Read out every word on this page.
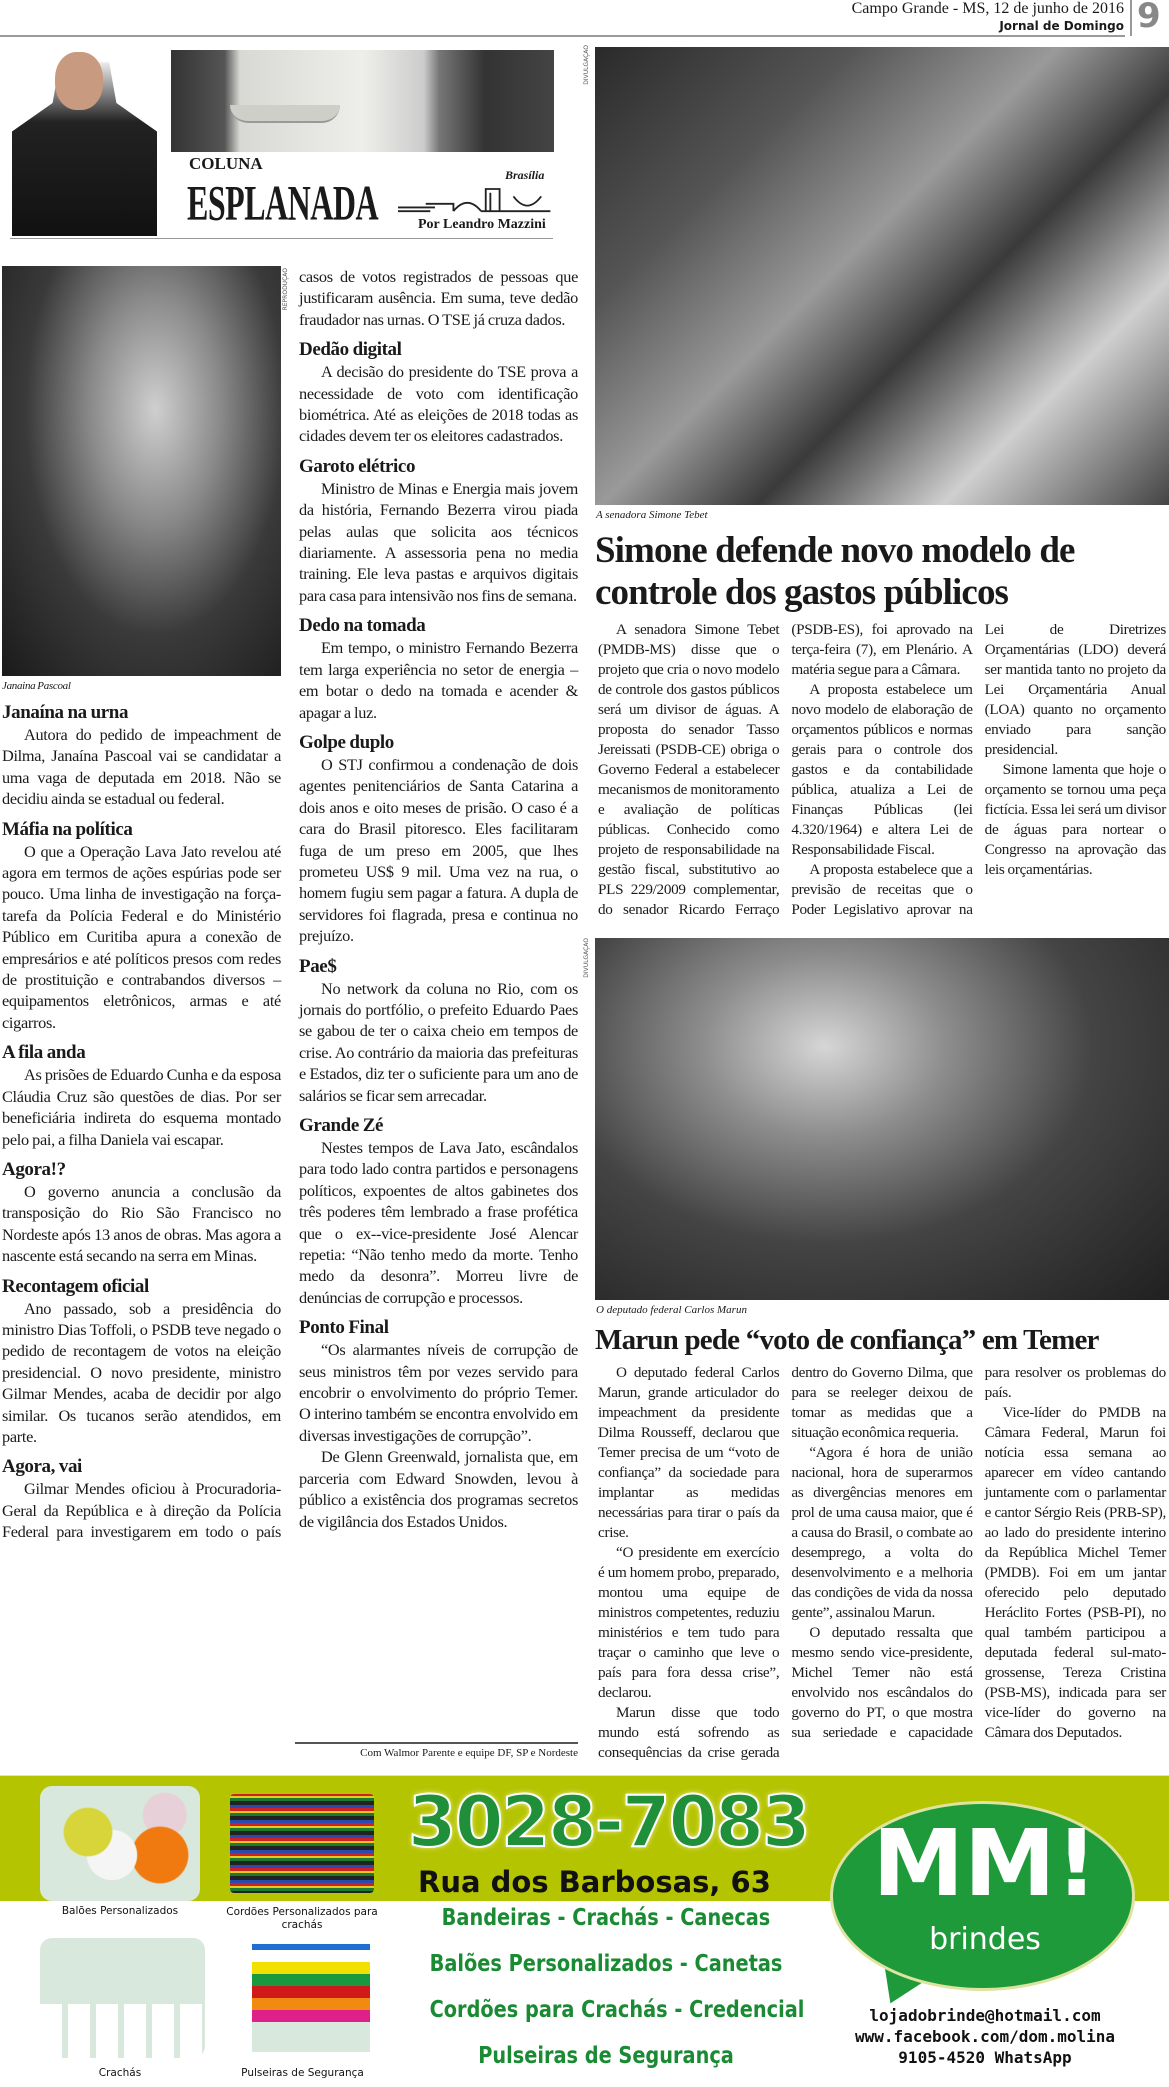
Campo Grande - MS, 12 de junho de 2016
Jornal de Domingo 9
COLUNA
ESPLANADA	Brasília
Por Leandro Mazzini
DIVULGAÇÃO
REPRODUÇÃO
Janaina Pascoal
Janaína na urna

Autora do pedido de impeachment de Dilma, Janaína Pascoal vai se candidatar a uma vaga de deputada em 2018. Não se decidiu ainda se estadual ou federal.

Máfia na política

O que a Operação Lava Jato revelou até agora em termos de ações espúrias pode ser pouco. Uma linha de investigação na força-tarefa da Polícia Federal e do Ministério Público em Curitiba apura a conexão de empresários e até políticos presos com redes de prostituição e contrabandos diversos – equipamentos eletrônicos, armas e até cigarros.

A fila anda

As prisões de Eduardo Cunha e da esposa Cláudia Cruz são questões de dias. Por ser beneficiária indireta do esquema montado pelo pai, a filha Daniela vai escapar.

Agora!?

O governo anuncia a conclusão da transposição do Rio São Francisco no Nordeste após 13 anos de obras. Mas agora a nascente está secando na serra em Minas.

Recontagem oficial

Ano passado, sob a presidência do ministro Dias Toffoli, o PSDB teve negado o pedido de recontagem de votos na eleição presidencial. O novo presidente, ministro Gilmar Mendes, acaba de decidir por algo similar. Os tucanos serão atendidos, em parte.

Agora, vai

Gilmar Mendes oficiou à Procuradoria-Geral da República e à direção da Polícia Federal para investigarem em todo o país casos de votos registrados de pessoas que justificaram ausência. Em suma, teve dedão fraudador nas urnas. O TSE já cruza dados.

Dedão digital

A decisão do presidente do TSE prova a necessidade de voto com identificação biométrica. Até as eleições de 2018 todas as cidades devem ter os eleitores cadastrados.

Garoto elétrico

Ministro de Minas e Energia mais jovem da história, Fernando Bezerra virou piada pelas aulas que solicita aos técnicos diariamente. A assessoria pena no media training. Ele leva pastas e arquivos digitais para casa para intensivão nos fins de semana.

Dedo na tomada

Em tempo, o ministro Fernando Bezerra tem larga experiência no setor de energia – em botar o dedo na tomada e acender & apagar a luz.

Golpe duplo

O STJ confirmou a condenação de dois agentes penitenciários de Santa Catarina a dois anos e oito meses de prisão. O caso é a cara do Brasil pitoresco. Eles facilitaram fuga de um preso em 2005, que lhes prometeu US$ 9 mil. Uma vez na rua, o homem fugiu sem pagar a fatura. A dupla de servidores foi flagrada, presa e continua no prejuízo.

Pae$

No network da coluna no Rio, com os jornais do portfólio, o prefeito Eduardo Paes se gabou de ter o caixa cheio em tempos de crise. Ao contrário da maioria das prefeituras e Estados, diz ter o suficiente para um ano de salários se ficar sem arrecadar.

Grande Zé

Nestes tempos de Lava Jato, escândalos para todo lado contra partidos e personagens políticos, expoentes de altos gabinetes dos três poderes têm lembrado a frase profética que o ex--vice-presidente José Alencar repetia: “Não tenho medo da morte. Tenho medo da desonra”. Morreu livre de denúncias de corrupção e processos.

Ponto Final

“Os alarmantes níveis de corrupção de seus ministros têm por vezes servido para encobrir o envolvimento do próprio Temer. O interino também se encontra envolvido em diversas investigações de corrupção”.

De Glenn Greenwald, jornalista que, em parceria com Edward Snowden, levou à público a existência dos programas secretos de vigilância dos Estados Unidos.

Com Walmor Parente e equipe DF, SP e Nordeste
A senadora Simone Tebet
Simone defende novo modelo de controle dos gastos públicos

A senadora Simone Tebet (PMDB-MS) disse que o projeto que cria o novo modelo de controle dos gastos públicos será um divisor de águas. A proposta do senador Tasso Jereissati (PSDB-CE) obriga o Governo Federal a estabelecer mecanismos de monitoramento e avaliação de políticas públicas. Conhecido como projeto de responsabilidade na gestão fiscal, substitutivo ao PLS 229/2009 complementar, do senador Ricardo Ferraço (PSDB-ES), foi aprovado na terça-feira (7), em Plenário. A matéria segue para a Câmara.

A proposta estabelece um novo modelo de elaboração de orçamentos públicos e normas gerais para o controle dos gastos e da contabilidade pública, atualiza a Lei de Finanças Públicas (lei 4.320/1964) e altera Lei de Responsabilidade Fiscal.

A proposta estabelece que a previsão de receitas que o Poder Legislativo aprovar na Lei de Diretrizes Orçamentárias (LDO) deverá ser mantida tanto no projeto da Lei Orçamentária Anual (LOA) quanto no orçamento enviado para sanção presidencial.

Simone lamenta que hoje o orçamento se tornou uma peça fictícia. Essa lei será um divisor de águas para nortear o Congresso na aprovação das leis orçamentárias.

DIVULGAÇÃO
O deputado federal Carlos Marun
Marun pede “voto de confiança” em Temer

O deputado federal Carlos Marun, grande articulador do impeachment da presidente Dilma Rousseff, declarou que Temer precisa de um “voto de confiança” da sociedade para implantar as medidas necessárias para tirar o país da crise.

“O presidente em exercício é um homem probo, preparado, montou uma equipe de ministros competentes, reduziu ministérios e tem tudo para traçar o caminho que leve o país para fora dessa crise”, declarou.

Marun disse que todo mundo está sofrendo as consequências da crise gerada dentro do Governo Dilma, que para se reeleger deixou de tomar as medidas que a situação econômica requeria.

“Agora é hora de união nacional, hora de superarmos as divergências menores em prol de uma causa maior, que é a causa do Brasil, o combate ao desemprego, a volta do desenvolvimento e a melhoria das condições de vida da nossa gente”, assinalou Marun.

O deputado ressalta que mesmo sendo vice-presidente, Michel Temer não está envolvido nos escândalos do governo do PT, o que mostra sua seriedade e capacidade para resolver os problemas do país.

Vice-líder do PMDB na Câmara Federal, Marun foi notícia essa semana ao aparecer em vídeo cantando juntamente com o parlamentar e cantor Sérgio Reis (PRB-SP), ao lado do presidente interino da República Michel Temer (PMDB). Foi em um jantar oferecido pelo deputado Heráclito Fortes (PSB-PI), no qual também participou a deputada federal sul-mato-grossense, Tereza Cristina (PSB-MS), indicada para ser vice-líder do governo na Câmara dos Deputados.

Balões Personalizados	Cordões Personalizados para crachás
Crachás	Pulseiras de Segurança
3028-7083
Rua dos Barbosas, 63
Bandeiras - Crachás - Canecas
Balões Personalizados - Canetas
Cordões para Crachás - Credencial
Pulseiras de Segurança
MM!
brindes
lojadobrinde@hotmail.com
www.facebook.com/dom.molina
9105-4520 WhatsApp
